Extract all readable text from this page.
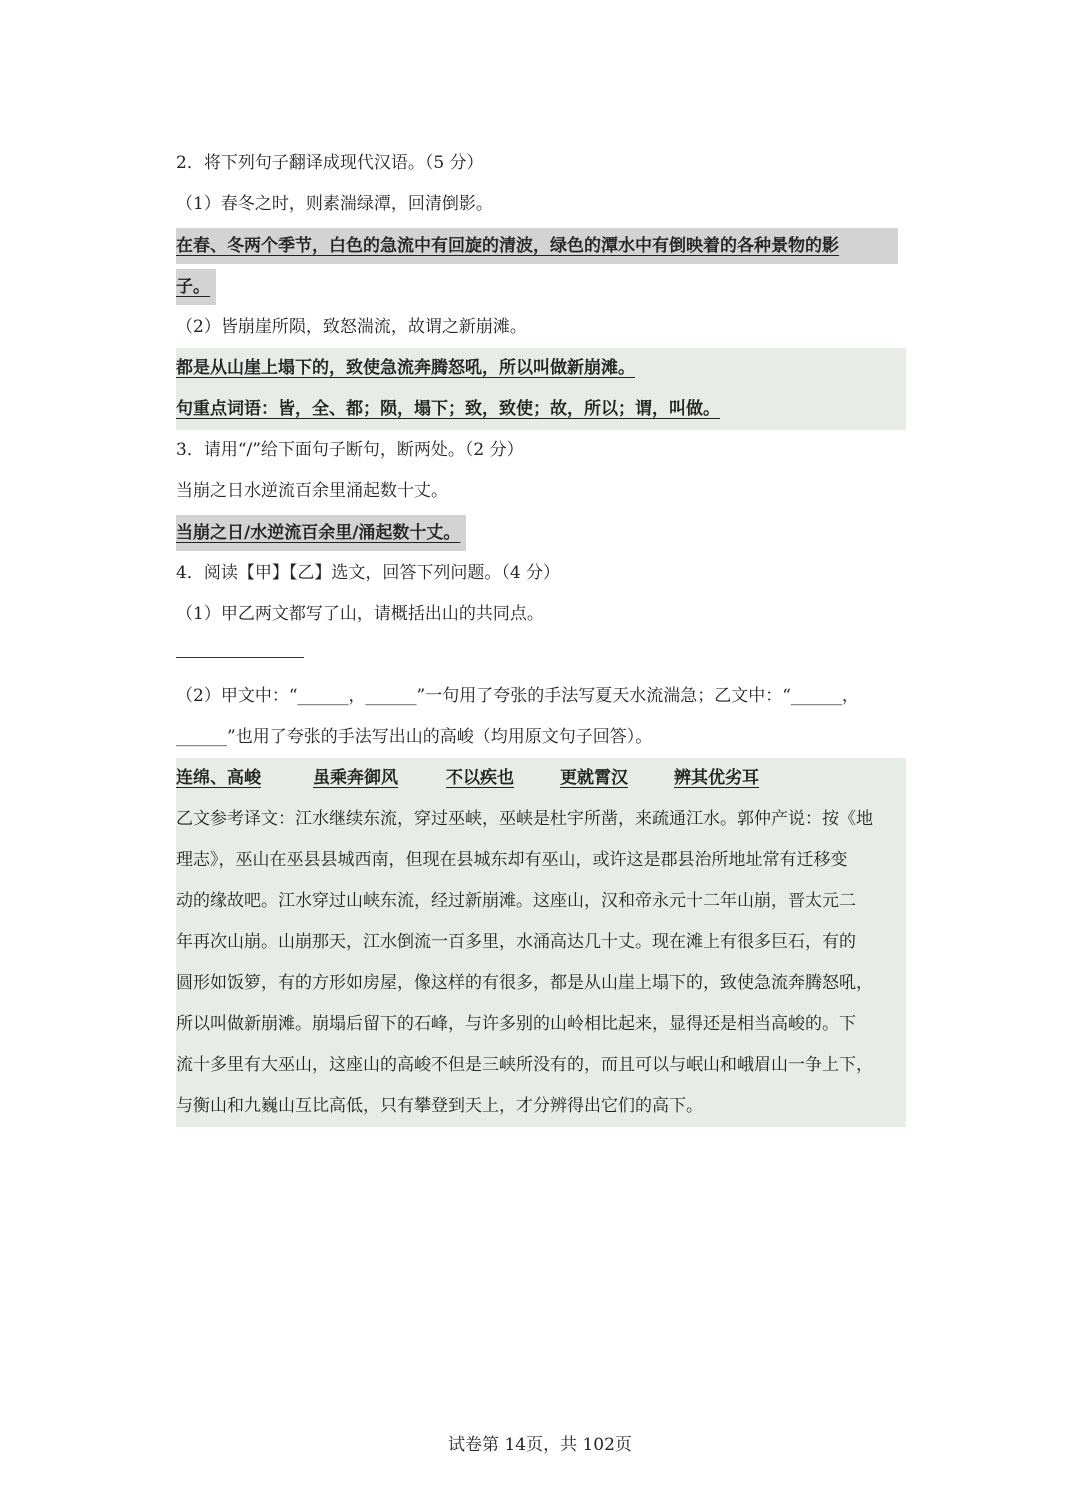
2．将下列句子翻译成现代汉语。（5 分）
（1）春冬之时，则素湍绿潭，回清倒影。
在春、冬两个季节，白色的急流中有回旋的清波，绿色的潭水中有倒映着的各种景物的影
子。
（2）皆崩崖所陨，致怒湍流，故谓之新崩滩。
都是从山崖上塌下的，致使急流奔腾怒吼，所以叫做新崩滩。
句重点词语：皆，全、都；陨，塌下；致，致使；故，所以；谓，叫做。
3．请用“/”给下面句子断句，断两处。（2 分）
当崩之日水逆流百余里涌起数十丈。
当崩之日/水逆流百余里/涌起数十丈。
4．阅读【甲】【乙】选文，回答下列问题。（4 分）
（1）甲乙两文都写了山，请概括出山的共同点。
（2）甲文中：“______，______”一句用了夸张的手法写夏天水流湍急；乙文中：“______，
______”也用了夸张的手法写出山的高峻（均用原文句子回答）。
连绵、高峻	虽乘奔御风	不以疾也	更就霄汉	辨其优劣耳
乙文参考译文：江水继续东流，穿过巫峡，巫峡是杜宇所凿，来疏通江水。郭仲产说：按《地
理志》，巫山在巫县县城西南，但现在县城东却有巫山，或许这是郡县治所地址常有迁移变
动的缘故吧。江水穿过山峡东流，经过新崩滩。这座山，汉和帝永元十二年山崩，晋太元二
年再次山崩。山崩那天，江水倒流一百多里，水涌高达几十丈。现在滩上有很多巨石，有的
圆形如饭箩，有的方形如房屋，像这样的有很多，都是从山崖上塌下的，致使急流奔腾怒吼，
所以叫做新崩滩。崩塌后留下的石峰，与许多别的山岭相比起来，显得还是相当高峻的。下
流十多里有大巫山，这座山的高峻不但是三峡所没有的，而且可以与岷山和峨眉山一争上下，
与衡山和九巍山互比高低，只有攀登到天上，才分辨得出它们的高下。
试卷第 14页，共 102页
